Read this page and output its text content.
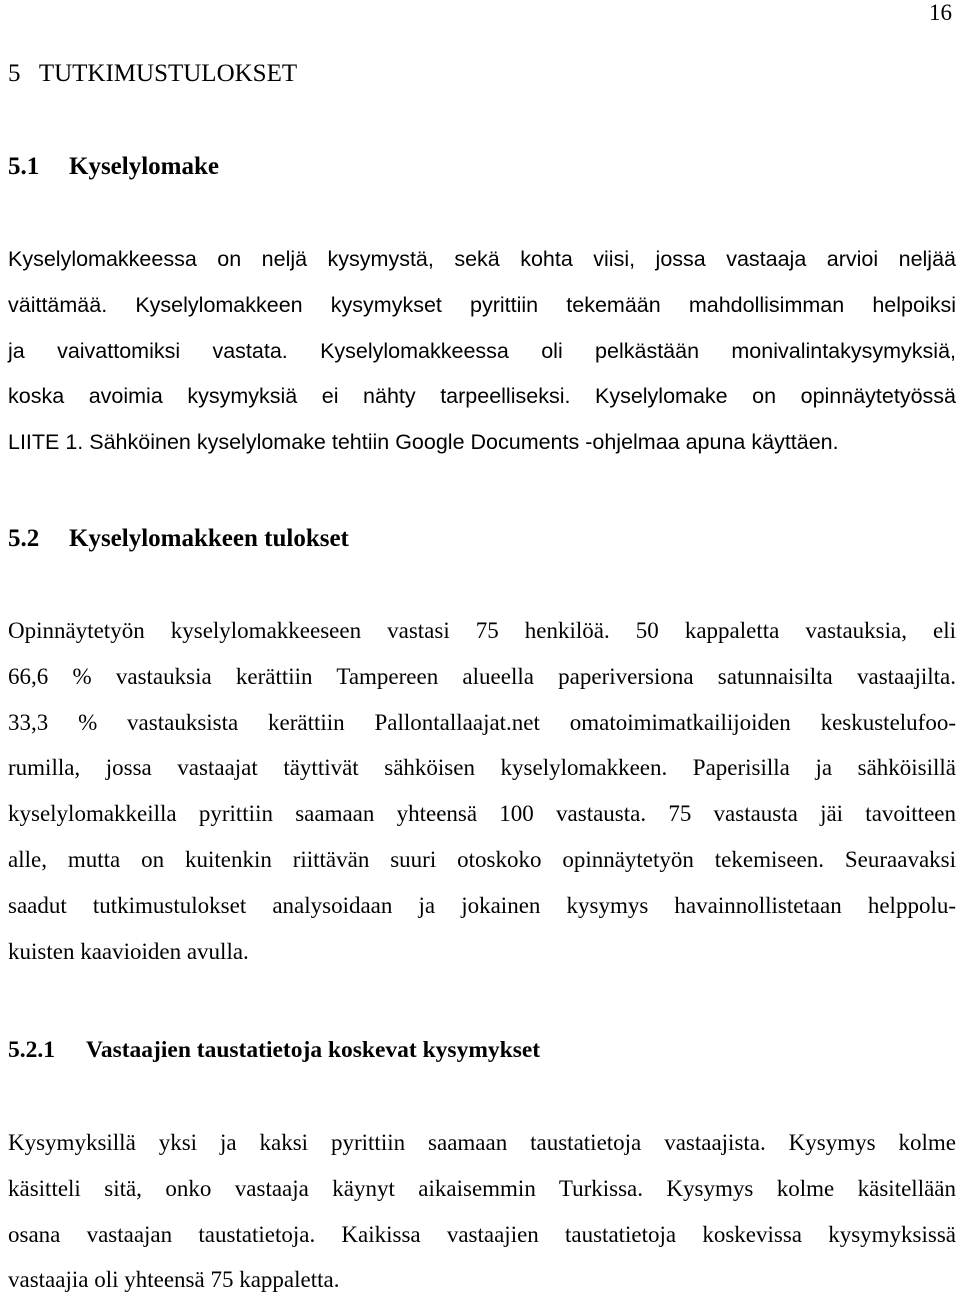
16
5 TUTKIMUSTULOKSET
5.1 Kyselylomake
Kyselylomakkeessa on neljä kysymystä, sekä kohta viisi, jossa vastaaja arvioi neljää
väittämää. Kyselylomakkeen kysymykset pyrittiin tekemään mahdollisimman helpoiksi
ja vaivattomiksi vastata. Kyselylomakkeessa oli pelkästään monivalintakysymyksiä,
koska avoimia kysymyksiä ei nähty tarpeelliseksi. Kyselylomake on opinnäytetyössä
LIITE 1. Sähköinen kyselylomake tehtiin Google Documents -ohjelmaa apuna käyttäen.
5.2 Kyselylomakkeen tulokset
Opinnäytetyön kyselylomakkeeseen vastasi 75 henkilöä. 50 kappaletta vastauksia, eli
66,6 % vastauksia kerättiin Tampereen alueella paperiversiona satunnaisilta vastaajilta.
33,3 % vastauksista kerättiin Pallontallaajat.net omatoimimatkailijoiden keskustelufoo-
rumilla, jossa vastaajat täyttivät sähköisen kyselylomakkeen. Paperisilla ja sähköisillä
kyselylomakkeilla pyrittiin saamaan yhteensä 100 vastausta. 75 vastausta jäi tavoitteen
alle, mutta on kuitenkin riittävän suuri otoskoko opinnäytetyön tekemiseen. Seuraavaksi
saadut tutkimustulokset analysoidaan ja jokainen kysymys havainnollistetaan helppolu-
kuisten kaavioiden avulla.
5.2.1 Vastaajien taustatietoja koskevat kysymykset
Kysymyksillä yksi ja kaksi pyrittiin saamaan taustatietoja vastaajista. Kysymys kolme
käsitteli sitä, onko vastaaja käynyt aikaisemmin Turkissa. Kysymys kolme käsitellään
osana vastaajan taustatietoja. Kaikissa vastaajien taustatietoja koskevissa kysymyksissä
vastaajia oli yhteensä 75 kappaletta.
